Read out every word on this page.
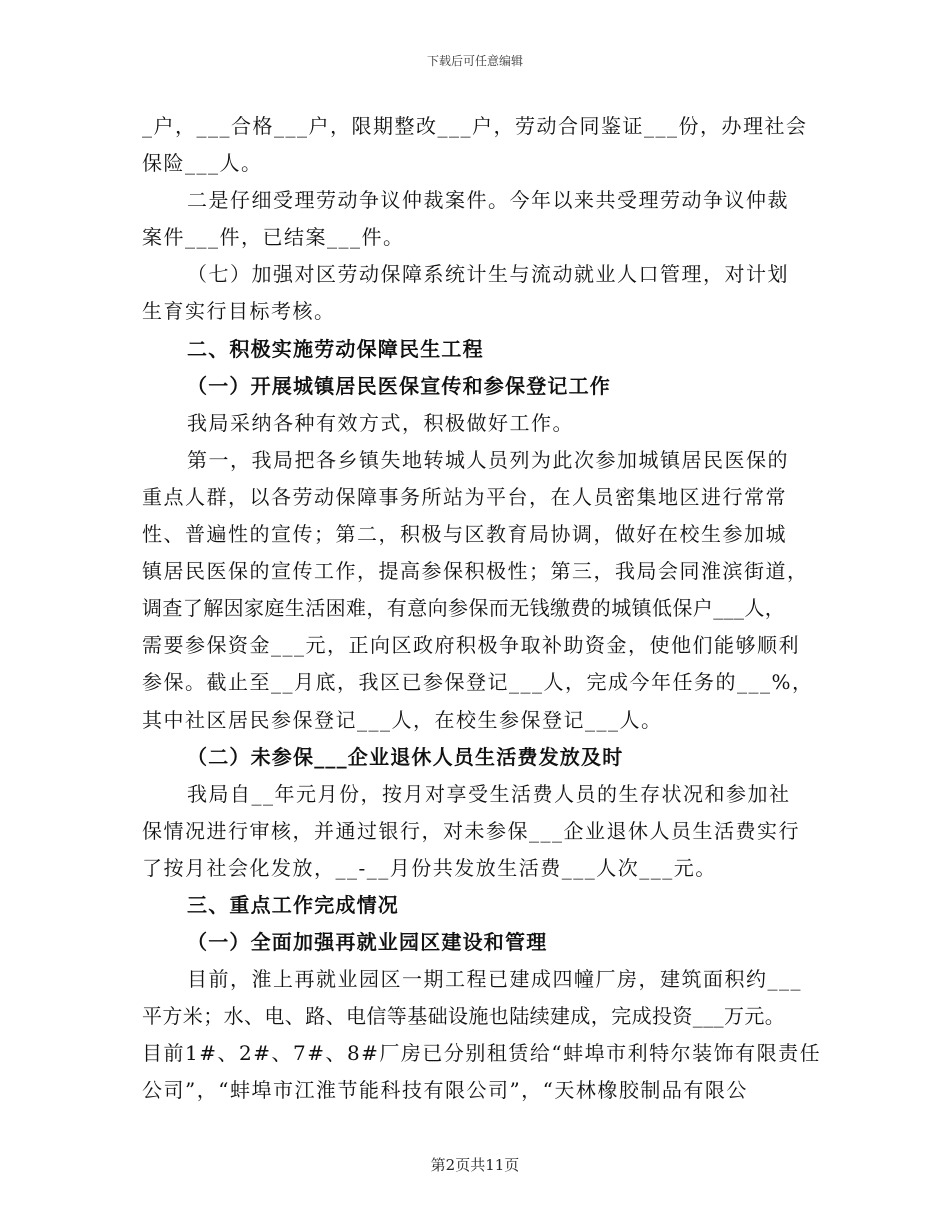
下载后可任意编辑
_户，___合格___户，限期整改___户，劳动合同鉴证___份，办理社会
保险___人。
二是仔细受理劳动争议仲裁案件。今年以来共受理劳动争议仲裁
案件___件，已结案___件。
（七）加强对区劳动保障系统计生与流动就业人口管理，对计划
生育实行目标考核。
二、积极实施劳动保障民生工程
（一）开展城镇居民医保宣传和参保登记工作
我局采纳各种有效方式，积极做好工作。
第一，我局把各乡镇失地转城人员列为此次参加城镇居民医保的
重点人群，以各劳动保障事务所站为平台，在人员密集地区进行常常
性、普遍性的宣传；第二，积极与区教育局协调，做好在校生参加城
镇居民医保的宣传工作，提高参保积极性；第三，我局会同淮滨街道，
调查了解因家庭生活困难，有意向参保而无钱缴费的城镇低保户___人，
需要参保资金___元，正向区政府积极争取补助资金，使他们能够顺利
参保。截止至__月底，我区已参保登记___人，完成今年任务的___%，
其中社区居民参保登记___人，在校生参保登记___人。
（二）未参保___企业退休人员生活费发放及时
我局自__年元月份，按月对享受生活费人员的生存状况和参加社
保情况进行审核，并通过银行，对未参保___企业退休人员生活费实行
了按月社会化发放，__-__月份共发放生活费___人次___元。
三、重点工作完成情况
（一）全面加强再就业园区建设和管理
目前，淮上再就业园区一期工程已建成四幢厂房，建筑面积约___
平方米；水、电、路、电信等基础设施也陆续建成，完成投资___万元。
目前1#、2#、7#、8#厂房已分别租赁给“蚌埠市利特尔装饰有限责任
公司”，“蚌埠市江淮节能科技有限公司”，“天林橡胶制品有限公
第2页共11页
